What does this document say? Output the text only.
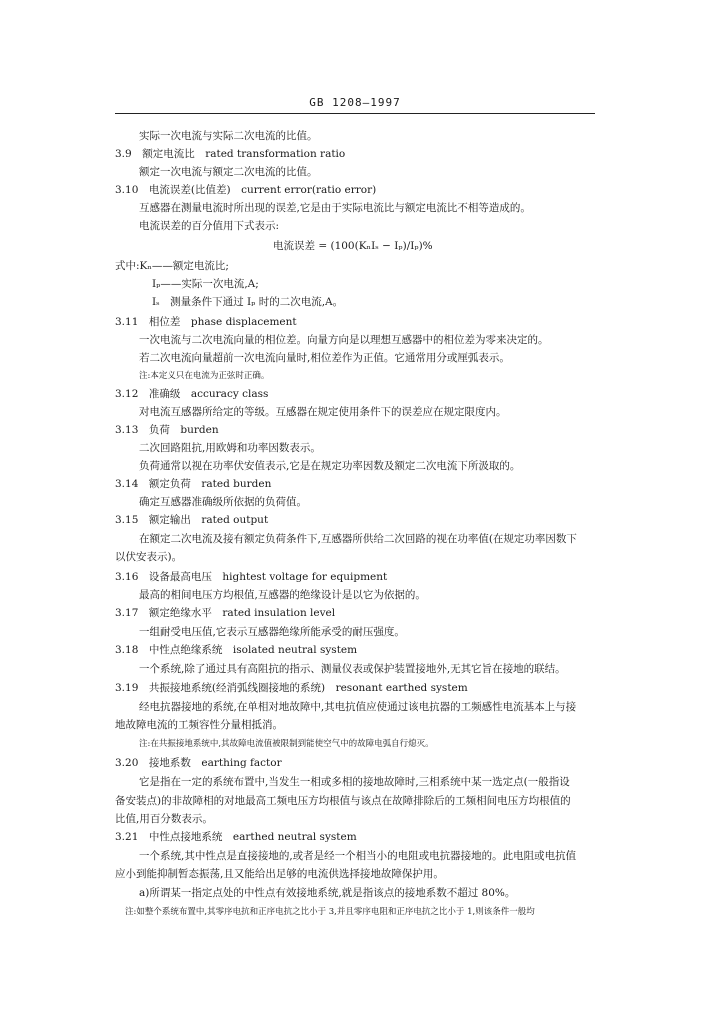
GB 1208—1997
实际一次电流与实际二次电流的比值。
3.9　额定电流比　rated transformation ratio
额定一次电流与额定二次电流的比值。
3.10　电流误差(比值差)　current error(ratio error)
互感器在测量电流时所出现的误差,它是由于实际电流比与额定电流比不相等造成的。
电流误差的百分值用下式表示:
电流误差 = (100(KₙIₛ − Iₚ)/Iₚ)%
式中:Kₙ——额定电流比;
Iₚ——实际一次电流,A;
Iₛ　测量条件下通过 Iₚ 时的二次电流,A。
3.11　相位差　phase displacement
一次电流与二次电流向量的相位差。向量方向是以理想互感器中的相位差为零来决定的。
若二次电流向量超前一次电流向量时,相位差作为正值。它通常用分或厘弧表示。
注:本定义只在电流为正弦时正确。
3.12　准确级　accuracy class
对电流互感器所给定的等级。互感器在规定使用条件下的误差应在规定限度内。
3.13　负荷　burden
二次回路阻抗,用欧姆和功率因数表示。
负荷通常以视在功率伏安值表示,它是在规定功率因数及额定二次电流下所汲取的。
3.14　额定负荷　rated burden
确定互感器准确级所依据的负荷值。
3.15　额定输出　rated output
在额定二次电流及接有额定负荷条件下,互感器所供给二次回路的视在功率值(在规定功率因数下
以伏安表示)。
3.16　设备最高电压　hightest voltage for equipment
最高的相间电压方均根值,互感器的绝缘设计是以它为依据的。
3.17　额定绝缘水平　rated insulation level
一组耐受电压值,它表示互感器绝缘所能承受的耐压强度。
3.18　中性点绝缘系统　isolated neutral system
一个系统,除了通过具有高阻抗的指示、测量仪表或保护装置接地外,无其它旨在接地的联结。
3.19　共振接地系统(经消弧线圈接地的系统)　resonant earthed system
经电抗器接地的系统,在单相对地故障中,其电抗值应使通过该电抗器的工频感性电流基本上与接
地故障电流的工频容性分量相抵消。
注:在共振接地系统中,其故障电流值被限制到能使空气中的故障电弧自行熄灭。
3.20　接地系数　earthing factor
它是指在一定的系统布置中,当发生一相或多相的接地故障时,三相系统中某一选定点(一般指设
备安装点)的非故障相的对地最高工频电压方均根值与该点在故障排除后的工频相间电压方均根值的
比值,用百分数表示。
3.21　中性点接地系统　earthed neutral system
一个系统,其中性点是直接接地的,或者是经一个相当小的电阻或电抗器接地的。此电阻或电抗值
应小到能抑制暂态振荡,且又能给出足够的电流供选择接地故障保护用。
a)所谓某一指定点处的中性点有效接地系统,就是指该点的接地系数不超过 80%。
注:如整个系统布置中,其零序电抗和正序电抗之比小于 3,并且零序电阻和正序电抗之比小于 1,则该条件一般均
